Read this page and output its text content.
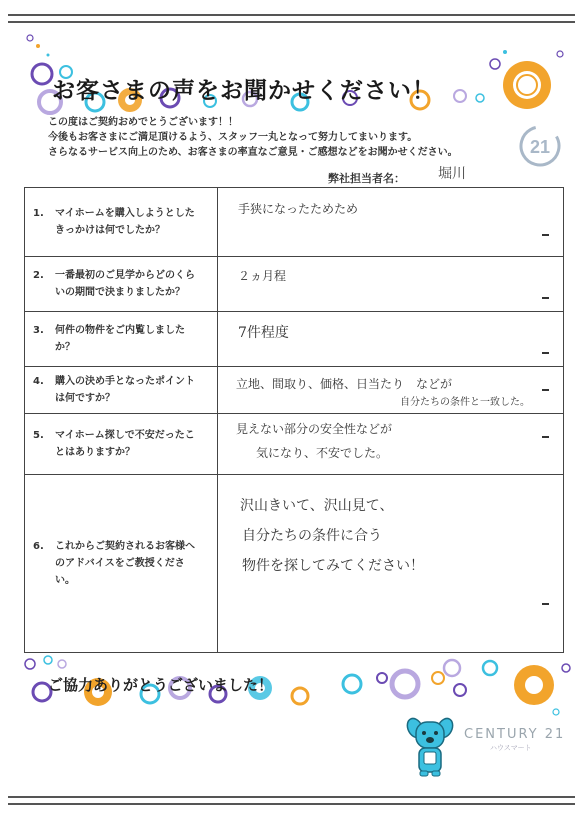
お客さまの声をお聞かせください！
この度はご契約おめでとうございます！！
今後もお客さまにご満足頂けるよう、スタッフ一丸となって努力してまいります。
さらなるサービス向上のため、お客さまの率直なご意見・ご感想などをお聞かせください。	21
弊社担当者名： 堀川
1. マイホームを購入しようとしたきっかけは何でしたか？	手狭になったためため

2. 一番最初のご見学からどのくらいの期間で決まりましたか？	２ヵ月程

3. 何件の物件をご内覧しましたか？	7件程度

4. 購入の決め手となったポイントは何ですか？	立地、間取り、価格、日当たり　などが
自分たちの条件と一致した。

5. マイホーム探しで不安だったことはありますか？	見えない部分の安全性などが
気になり、不安でした。

6. これからご契約されるお客様へのアドバイスをご教授ください。	沢山きいて、沢山見て、
自分たちの条件に合う
物件を探してみてください！
ご協力ありがとうございました！
CENTURY 21
ハウスマート
